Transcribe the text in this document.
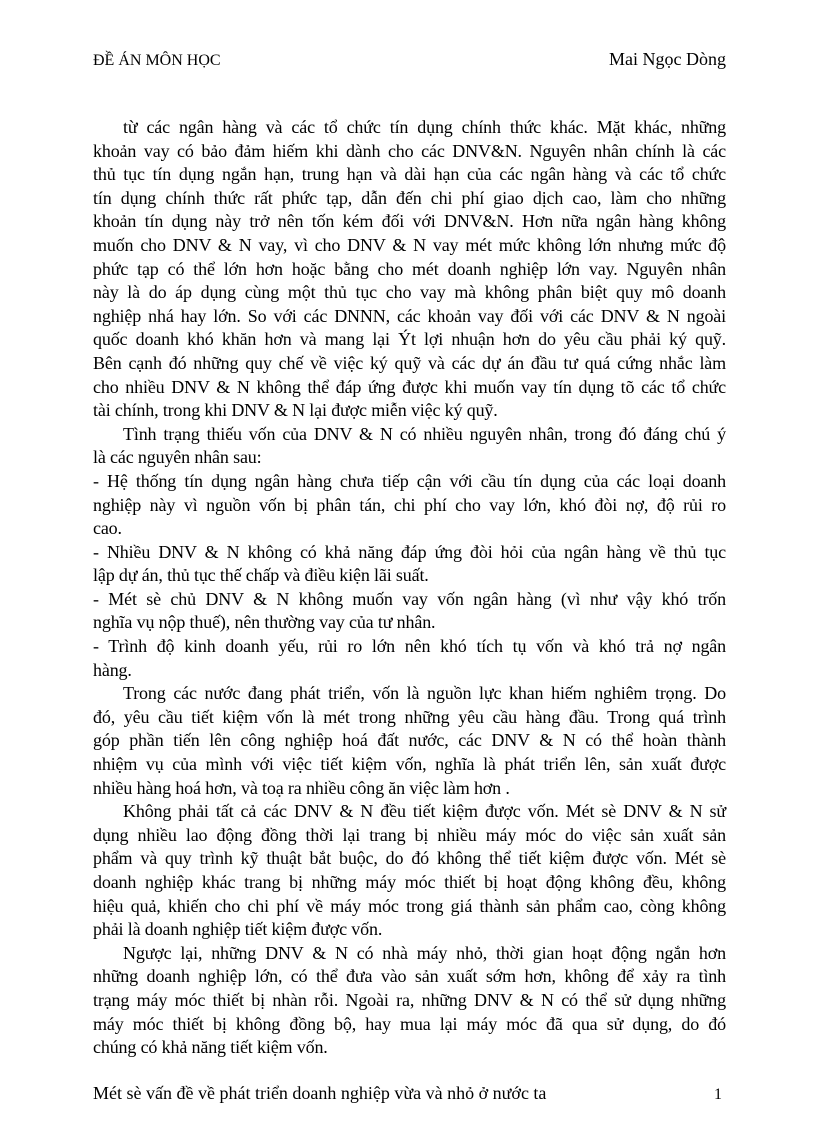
ĐỀ ÁN MÔN HỌC	Mai Ngọc Dòng
từ các ngân hàng và các tổ chức tín dụng chính thức khác. Mặt khác, những
khoản vay có bảo đảm hiếm khi dành cho các DNV&N. Nguyên nhân chính là các
thủ tục tín dụng ngắn hạn, trung hạn và dài hạn của các ngân hàng và các tổ chức
tín dụng chính thức rất phức tạp, dẫn đến chi phí giao dịch cao, làm cho những
khoản tín dụng này trở nên tốn kém đối với DNV&N. Hơn nữa ngân hàng không
muốn cho DNV & N vay, vì cho DNV & N vay mét mức không lớn nhưng mức độ
phức tạp có thể lớn hơn hoặc bằng cho mét doanh nghiệp lớn vay. Nguyên nhân
này là do áp dụng cùng một thủ tục cho vay mà không phân biệt quy mô doanh
nghiệp nhá hay lớn. So với các DNNN, các khoản vay đối với các DNV & N ngoài
quốc doanh khó khăn hơn và mang lại Ýt lợi nhuận hơn do yêu cầu phải ký quỹ.
Bên cạnh đó những quy chế về việc ký quỹ và các dự án đầu tư quá cứng nhắc làm
cho nhiều DNV & N không thể đáp ứng được khi muốn vay tín dụng tõ các tổ chức
tài chính, trong khi DNV & N lại được miễn việc ký quỹ.
Tình trạng thiếu vốn của DNV & N có nhiều nguyên nhân, trong đó đáng chú ý
là các nguyên nhân sau:
- Hệ thống tín dụng ngân hàng chưa tiếp cận với cầu tín dụng của các loại doanh
nghiệp này vì nguồn vốn bị phân tán, chi phí cho vay lớn, khó đòi nợ, độ rủi ro
cao.
- Nhiều DNV & N không có khả năng đáp ứng đòi hỏi của ngân hàng về thủ tục
lập dự án, thủ tục thế chấp và điều kiện lãi suất.
- Mét sè chủ DNV & N không muốn vay vốn ngân hàng (vì như vậy khó trốn
nghĩa vụ nộp thuế), nên thường vay của tư nhân.
- Trình độ kinh doanh yếu, rủi ro lớn nên khó tích tụ vốn và khó trả nợ ngân
hàng.
Trong các nước đang phát triển, vốn là nguồn lực khan hiếm nghiêm trọng. Do
đó, yêu cầu tiết kiệm vốn là mét trong những yêu cầu hàng đầu. Trong quá trình
góp phần tiến lên công nghiệp hoá đất nước, các DNV & N có thể hoàn thành
nhiệm vụ của mình với việc tiết kiệm vốn, nghĩa là phát triển lên, sản xuất được
nhiều hàng hoá hơn, và toạ ra nhiều công ăn việc làm hơn .
Không phải tất cả các DNV & N đều tiết kiệm được vốn. Mét sè DNV & N sử
dụng nhiều lao động đồng thời lại trang bị nhiều máy móc do việc sản xuất sản
phẩm và quy trình kỹ thuật bắt buộc, do đó không thể tiết kiệm được vốn. Mét sè
doanh nghiệp khác trang bị những máy móc thiết bị hoạt động không đều, không
hiệu quả, khiến cho chi phí về máy móc trong giá thành sản phẩm cao, còng không
phải là doanh nghiệp tiết kiệm được vốn.
Ngược lại, những DNV & N có nhà máy nhỏ, thời gian hoạt động ngắn hơn
những doanh nghiệp lớn, có thể đưa vào sản xuất sớm hơn, không để xảy ra tình
trạng máy móc thiết bị nhàn rỗi. Ngoài ra, những DNV & N có thể sử dụng những
máy móc thiết bị không đồng bộ, hay mua lại máy móc đã qua sử dụng, do đó
chúng có khả năng tiết kiệm vốn.
Mét sè vấn đề về phát triển doanh nghiệp vừa và nhỏ ở nước ta	1
